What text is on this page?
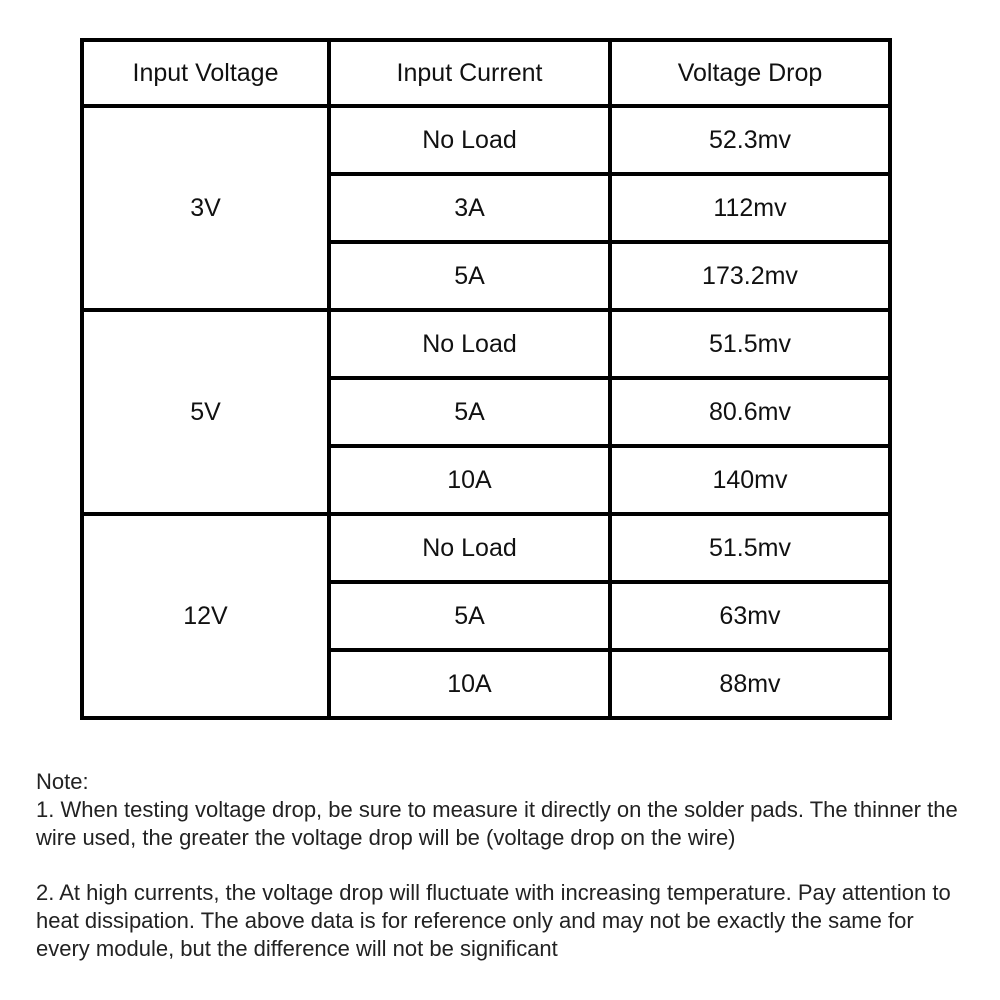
Input Voltage	Input Current	Voltage Drop
3V	No Load	52.3mv
	3A	112mv
	5A	173.2mv
5V	No Load	51.5mv
	5A	80.6mv
	10A	140mv
12V	No Load	51.5mv
	5A	63mv
	10A	88mv

Note:

1. When testing voltage drop, be sure to measure it directly on the solder pads. The thinner the wire used, the greater the voltage drop will be (voltage drop on the wire)

2. At high currents, the voltage drop will fluctuate with increasing temperature. Pay attention to heat dissipation. The above data is for reference only and may not be exactly the same for every module, but the difference will not be significant
